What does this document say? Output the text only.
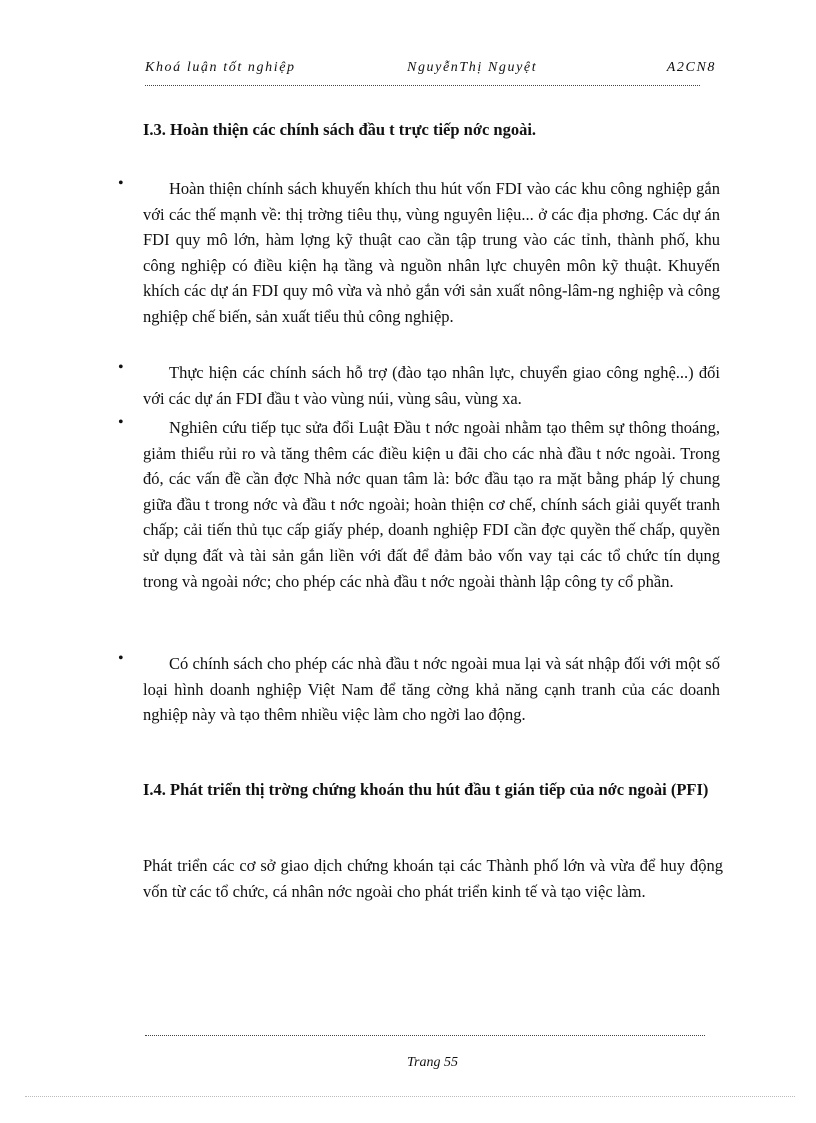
Khoá luận tốt nghiệp	NguyễnThị Nguyệt	A2CN8
I.3. Hoàn thiện các chính sách đầu t trực tiếp nớc ngoài.
•	Hoàn thiện chính sách khuyến khích thu hút vốn FDI vào các khu công nghiệp gắn với các thế mạnh về: thị trờng tiêu thụ, vùng nguyên liệu... ở các địa phơng. Các dự án FDI quy mô lớn, hàm lợng kỹ thuật cao cần tập trung vào các tỉnh, thành phố, khu công nghiệp có điều kiện hạ tầng và nguồn nhân lực chuyên môn kỹ thuật. Khuyến khích các dự án FDI quy mô vừa và nhỏ gắn với sản xuất nông-lâm-ng nghiệp và công nghiệp chế biến, sản xuất tiểu thủ công nghiệp.
•	Thực hiện các chính sách hỗ trợ (đào tạo nhân lực, chuyển giao công nghệ...) đối với các dự án FDI đầu t vào vùng núi, vùng sâu, vùng xa.
•	Nghiên cứu tiếp tục sửa đổi Luật Đầu t nớc ngoài nhằm tạo thêm sự thông thoáng, giảm thiểu rủi ro và tăng thêm các điều kiện u đãi cho các nhà đầu t nớc ngoài. Trong đó, các vấn đề cần đợc Nhà nớc quan tâm là: bớc đầu tạo ra mặt bằng pháp lý chung giữa đầu t trong nớc và đầu t nớc ngoài; hoàn thiện cơ chế, chính sách giải quyết tranh chấp; cải tiến thủ tục cấp giấy phép, doanh nghiệp FDI cần đợc quyền thế chấp, quyền sử dụng đất và tài sản gắn liền với đất để đảm bảo vốn vay tại các tổ chức tín dụng trong và ngoài nớc; cho phép các nhà đầu t nớc ngoài thành lập công ty cổ phần.
•	Có chính sách cho phép các nhà đầu t nớc ngoài mua lại và sát nhập đối với một số loại hình doanh nghiệp Việt Nam để tăng cờng khả năng cạnh tranh của các doanh nghiệp này và tạo thêm nhiều việc làm cho ngời lao động.
I.4. Phát triển thị trờng chứng khoán thu hút đầu t gián tiếp của nớc ngoài (PFI)
Phát triển các cơ sở giao dịch chứng khoán tại các Thành phố lớn và vừa để huy động vốn từ các tổ chức, cá nhân nớc ngoài cho phát triển kinh tế và tạo việc làm.
Trang 55
